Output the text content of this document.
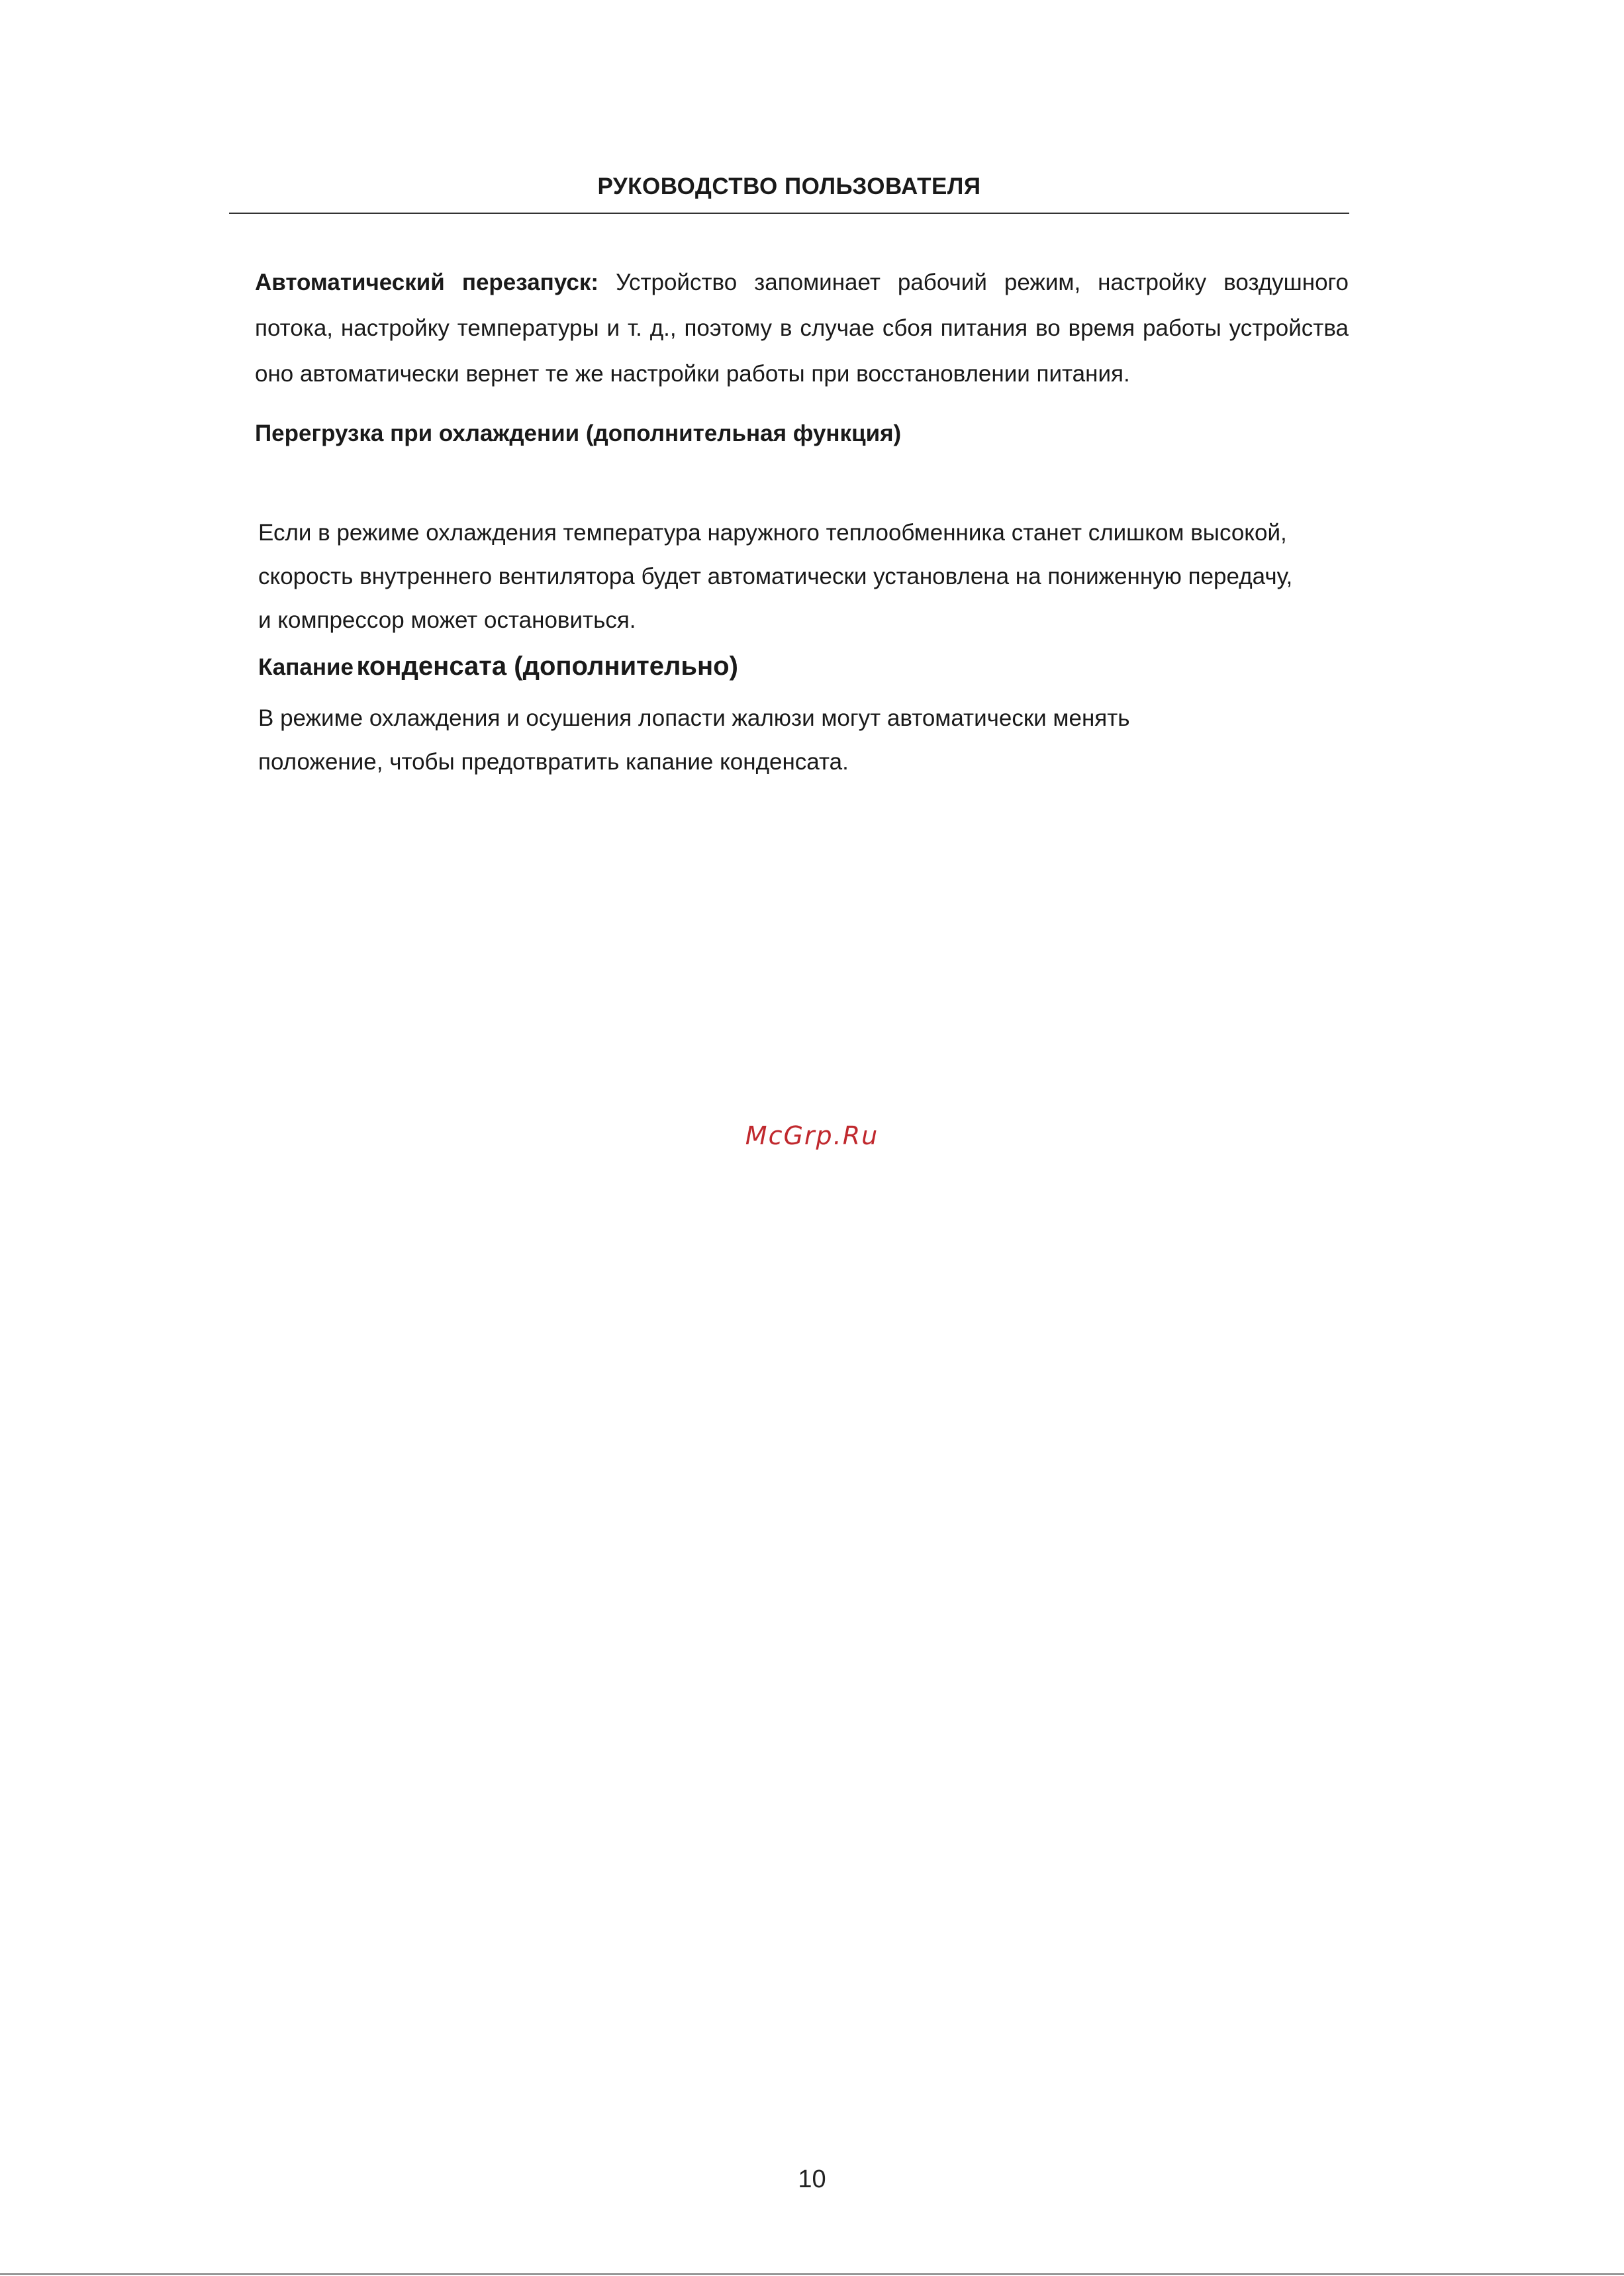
РУКОВОДСТВО ПОЛЬЗОВАТЕЛЯ
Автоматический перезапуск: Устройство запоминает рабочий режим, настройку воздушного потока, настройку температуры и т. д., поэтому в случае сбоя питания во время работы устройства оно автоматически вернет те же настройки работы при восстановлении питания.
Перегрузка при охлаждении (дополнительная функция)
Если в режиме охлаждения температура наружного теплообменника станет слишком высокой,
скорость внутреннего вентилятора будет автоматически установлена на пониженную передачу,
и компрессор может остановиться.
Капание конденсата (дополнительно)
В режиме охлаждения и осушения лопасти жалюзи могут автоматически менять
положение, чтобы предотвратить капание конденсата.
McGrp.Ru
10
